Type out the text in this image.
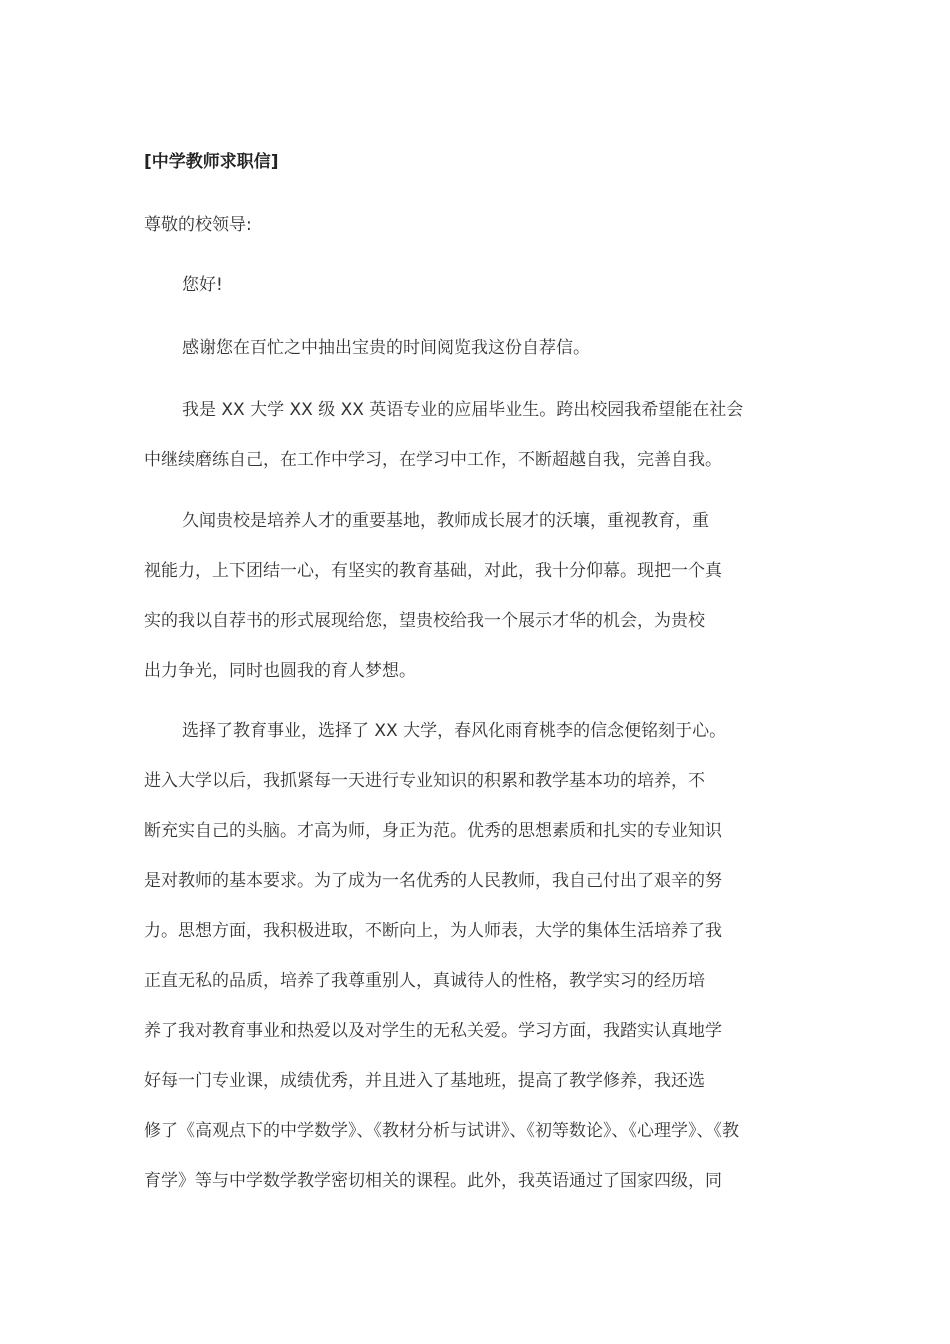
[中学教师求职信]
尊敬的校领导:
您好!
感谢您在百忙之中抽出宝贵的时间阅览我这份自荐信。
我是 XX 大学 XX 级 XX 英语专业的应届毕业生。跨出校园我希望能在社会
中继续磨练自己，在工作中学习，在学习中工作，不断超越自我，完善自我。
久闻贵校是培养人才的重要基地，教师成长展才的沃壤，重视教育，重
视能力，上下团结一心，有坚实的教育基础，对此，我十分仰幕。现把一个真
实的我以自荐书的形式展现给您，望贵校给我一个展示才华的机会，为贵校
出力争光，同时也圆我的育人梦想。
选择了教育事业，选择了 XX 大学，春风化雨育桃李的信念便铭刻于心。
进入大学以后，我抓紧每一天进行专业知识的积累和教学基本功的培养，不
断充实自己的头脑。才高为师，身正为范。优秀的思想素质和扎实的专业知识
是对教师的基本要求。为了成为一名优秀的人民教师，我自己付出了艰辛的努
力。思想方面，我积极进取，不断向上，为人师表，大学的集体生活培养了我
正直无私的品质，培养了我尊重别人，真诚待人的性格，教学实习的经历培
养了我对教育事业和热爱以及对学生的无私关爱。学习方面，我踏实认真地学
好每一门专业课，成绩优秀，并且进入了基地班，提高了教学修养，我还选
修了《高观点下的中学数学》、《教材分析与试讲》、《初等数论》、《心理学》、《教
育学》等与中学数学教学密切相关的课程。此外，我英语通过了国家四级，同
